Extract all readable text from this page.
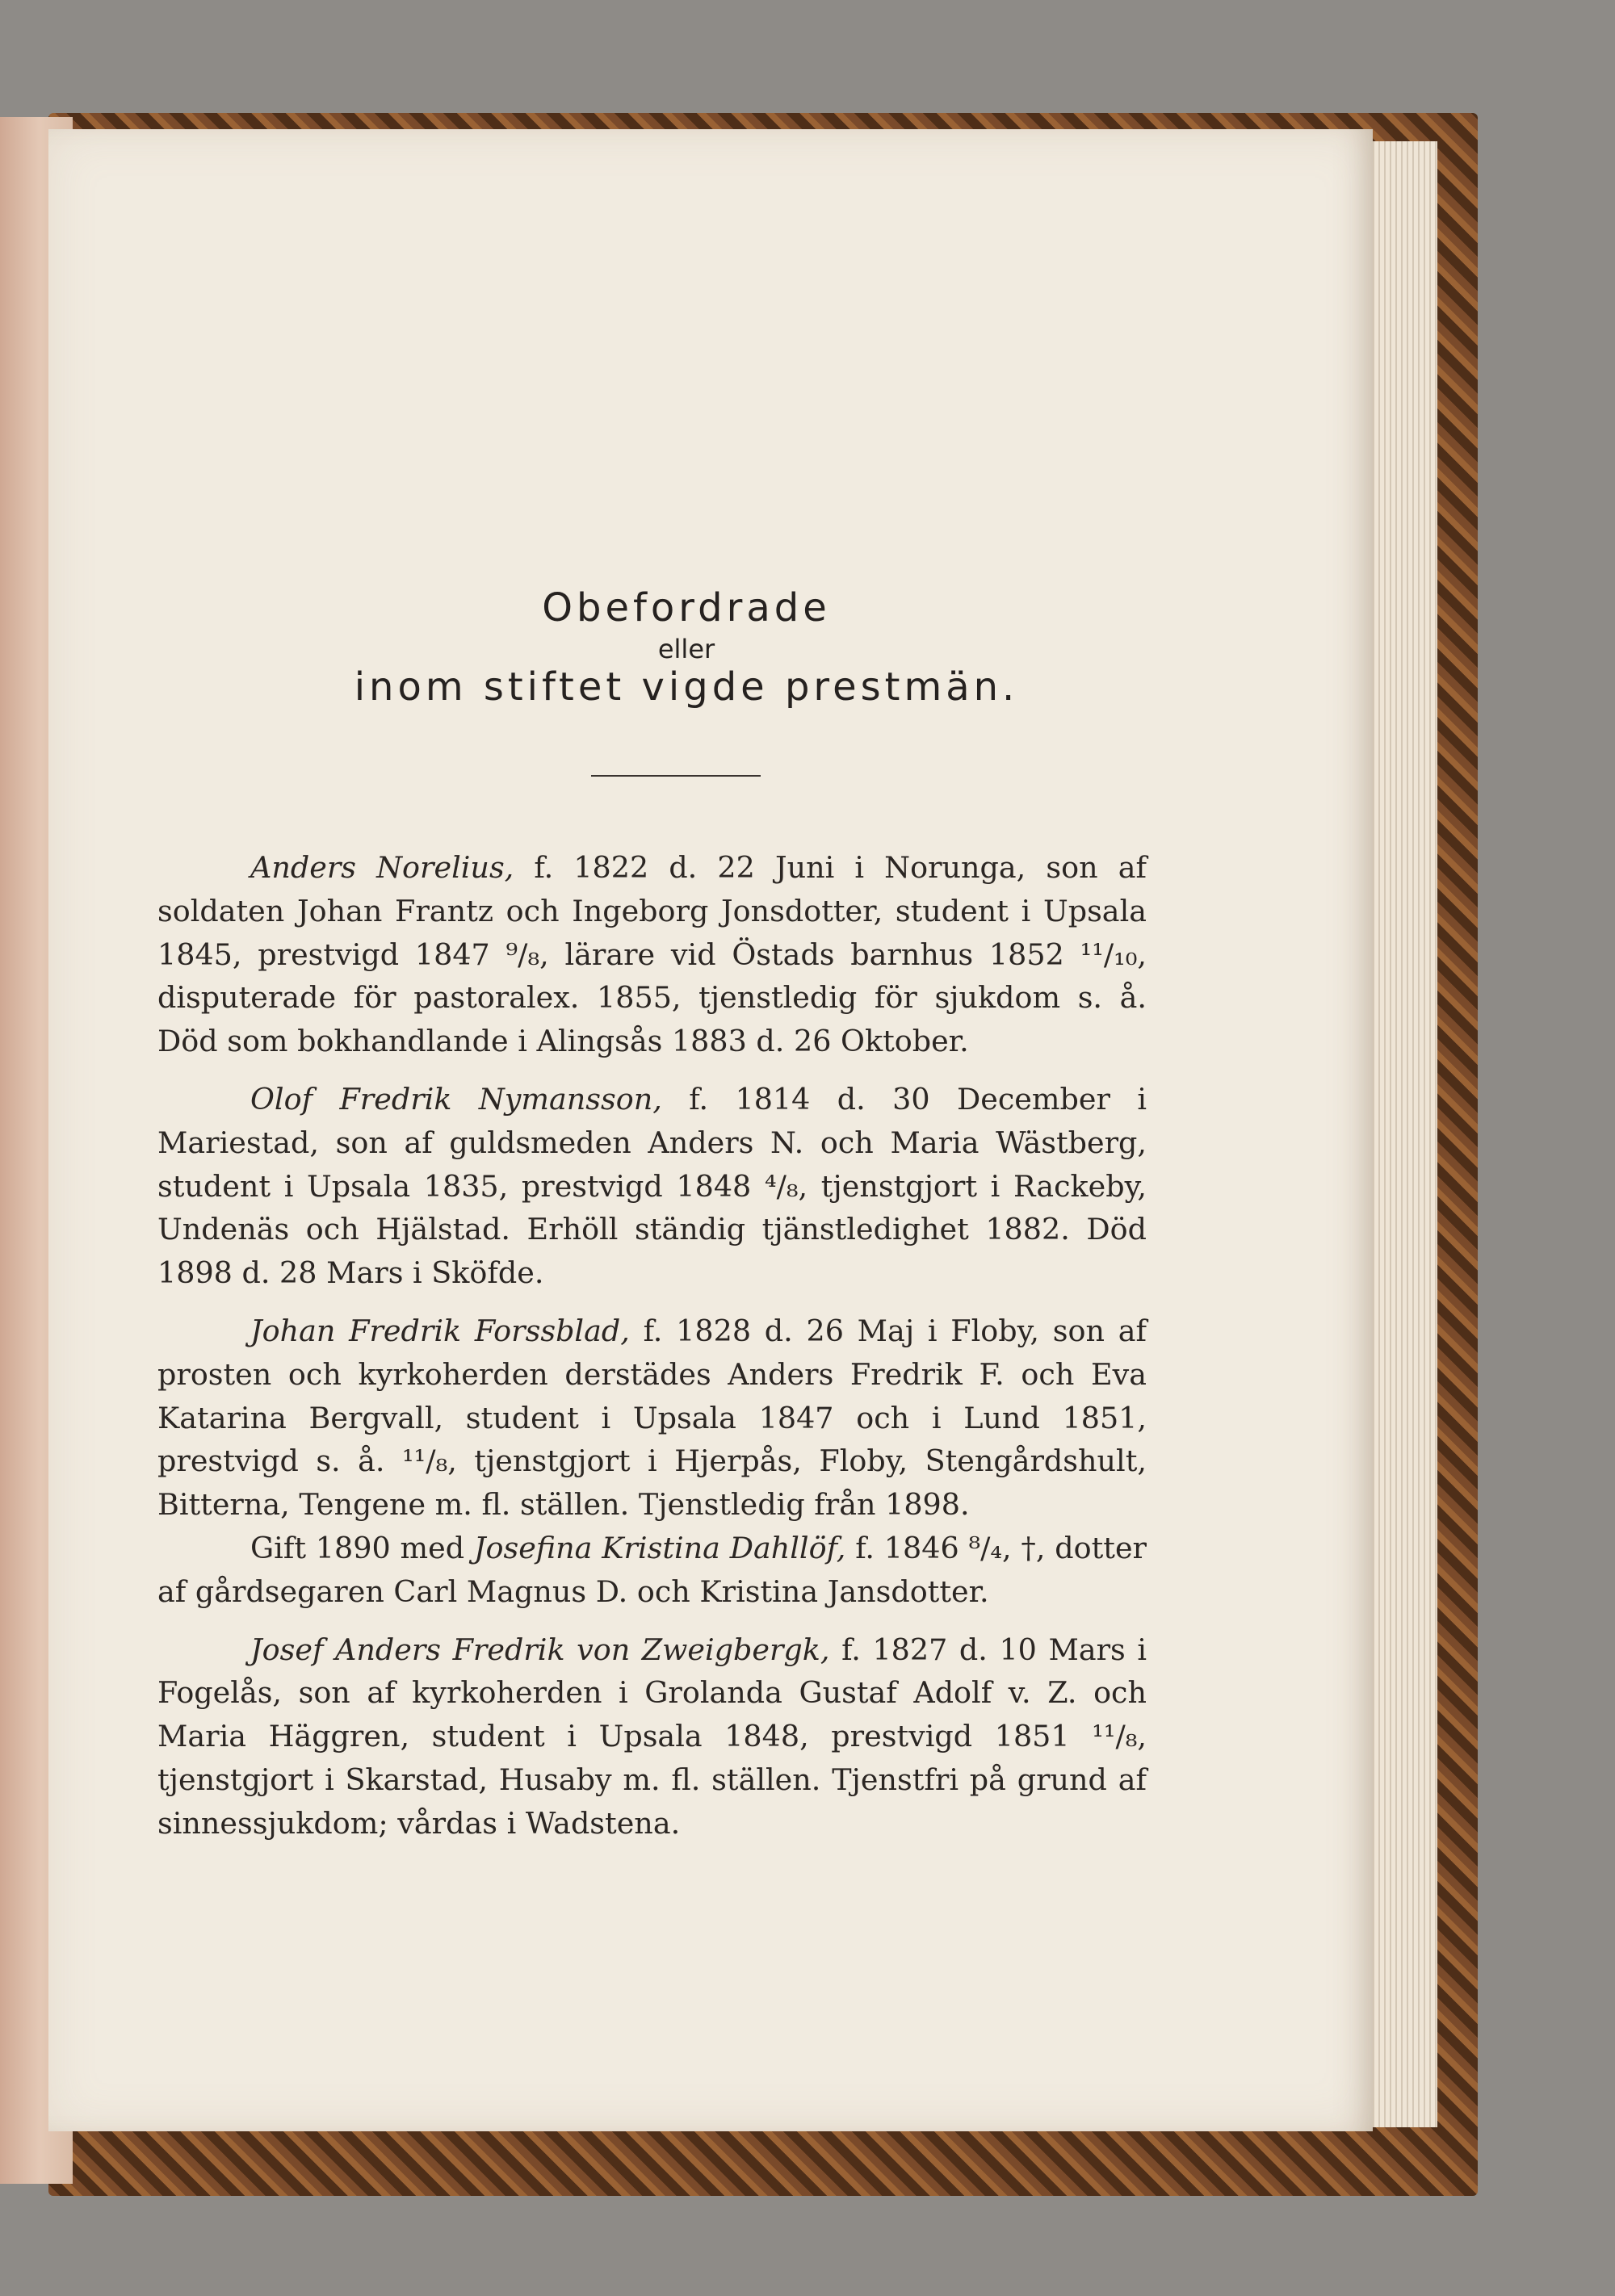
Obefordrade
eller
inom stiftet vigde prestmän.

Anders Norelius, f. 1822 d. 22 Juni i Norunga, son af soldaten Johan Frantz och Ingeborg Jonsdotter, student i Upsala 1845, prestvigd 1847 ⁹/₈, lärare vid Östads barnhus 1852 ¹¹/₁₀, disputerade för pastoralex. 1855, tjenstledig för sjukdom s. å. Död som bokhandlande i Alingsås 1883 d. 26 Oktober.

Olof Fredrik Nymansson, f. 1814 d. 30 December i Mariestad, son af guldsmeden Anders N. och Maria Wästberg, student i Upsala 1835, prestvigd 1848 ⁴/₈, tjenstgjort i Rackeby, Undenäs och Hjälstad. Erhöll ständig tjänstledighet 1882. Död 1898 d. 28 Mars i Sköfde.

Johan Fredrik Forssblad, f. 1828 d. 26 Maj i Floby, son af prosten och kyrkoherden derstädes Anders Fredrik F. och Eva Katarina Bergvall, student i Upsala 1847 och i Lund 1851, prestvigd s. å. ¹¹/₈, tjenstgjort i Hjerpås, Floby, Stengårdshult, Bitterna, Tengene m. fl. ställen. Tjenstledig från 1898.

Gift 1890 med Josefina Kristina Dahllöf, f. 1846 ⁸/₄, †, dotter af gårdsegaren Carl Magnus D. och Kristina Jansdotter.

Josef Anders Fredrik von Zweigbergk, f. 1827 d. 10 Mars i Fogelås, son af kyrkoherden i Grolanda Gustaf Adolf v. Z. och Maria Häggren, student i Upsala 1848, prestvigd 1851 ¹¹/₈, tjenstgjort i Skarstad, Husaby m. fl. ställen. Tjenstfri på grund af sinnessjukdom; vårdas i Wadstena.
